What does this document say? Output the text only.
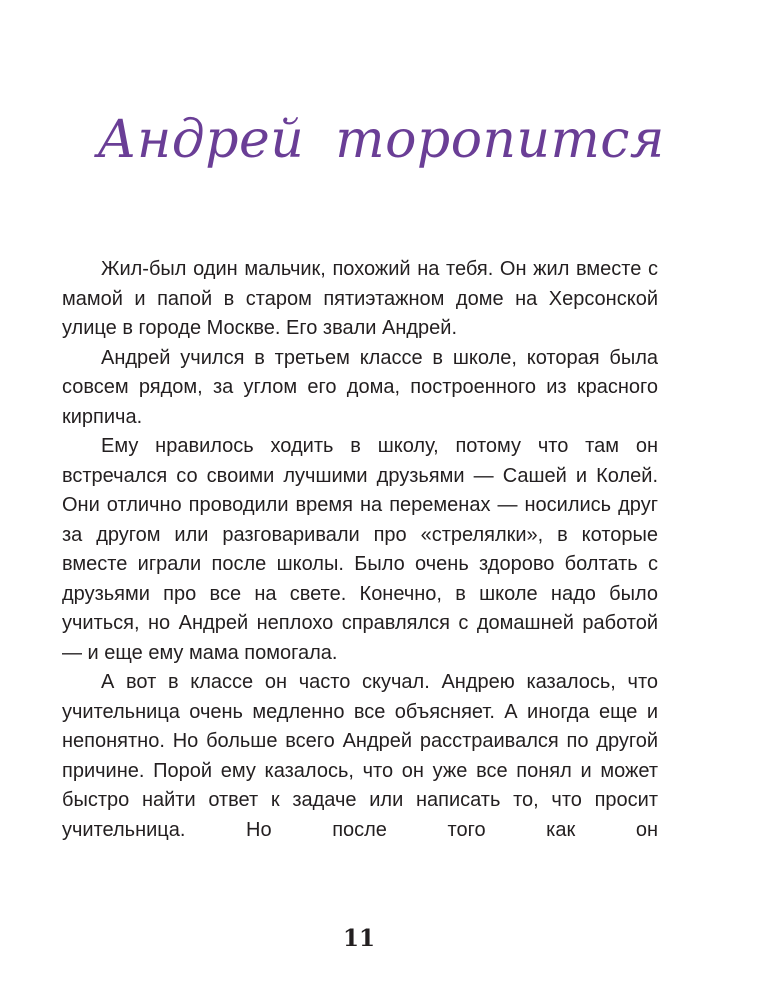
Андрей торопится

Жил-был один мальчик, похожий на тебя. Он жил вместе с мамой и папой в старом пятиэтажном доме на Херсонской улице в городе Москве. Его звали Андрей.

Андрей учился в третьем классе в школе, которая была совсем рядом, за углом его дома, построенного из красного кирпича.

Ему нравилось ходить в школу, потому что там он встречался со своими лучшими друзьями — Сашей и Колей. Они отлично проводили время на переменах — носились друг за другом или разговаривали про «стрелялки», в которые вместе играли после школы. Было очень здорово болтать с друзьями про все на свете. Конечно, в школе надо было учиться, но Андрей неплохо справлялся с домашней работой — и еще ему мама помогала.

А вот в классе он часто скучал. Андрею казалось, что учительница очень медленно все объясняет. А иногда еще и непонятно. Но больше всего Андрей расстраивался по другой причине. Порой ему казалось, что он уже все понял и может быстро найти ответ к задаче или написать то, что просит учительница. Но после того как он

11
